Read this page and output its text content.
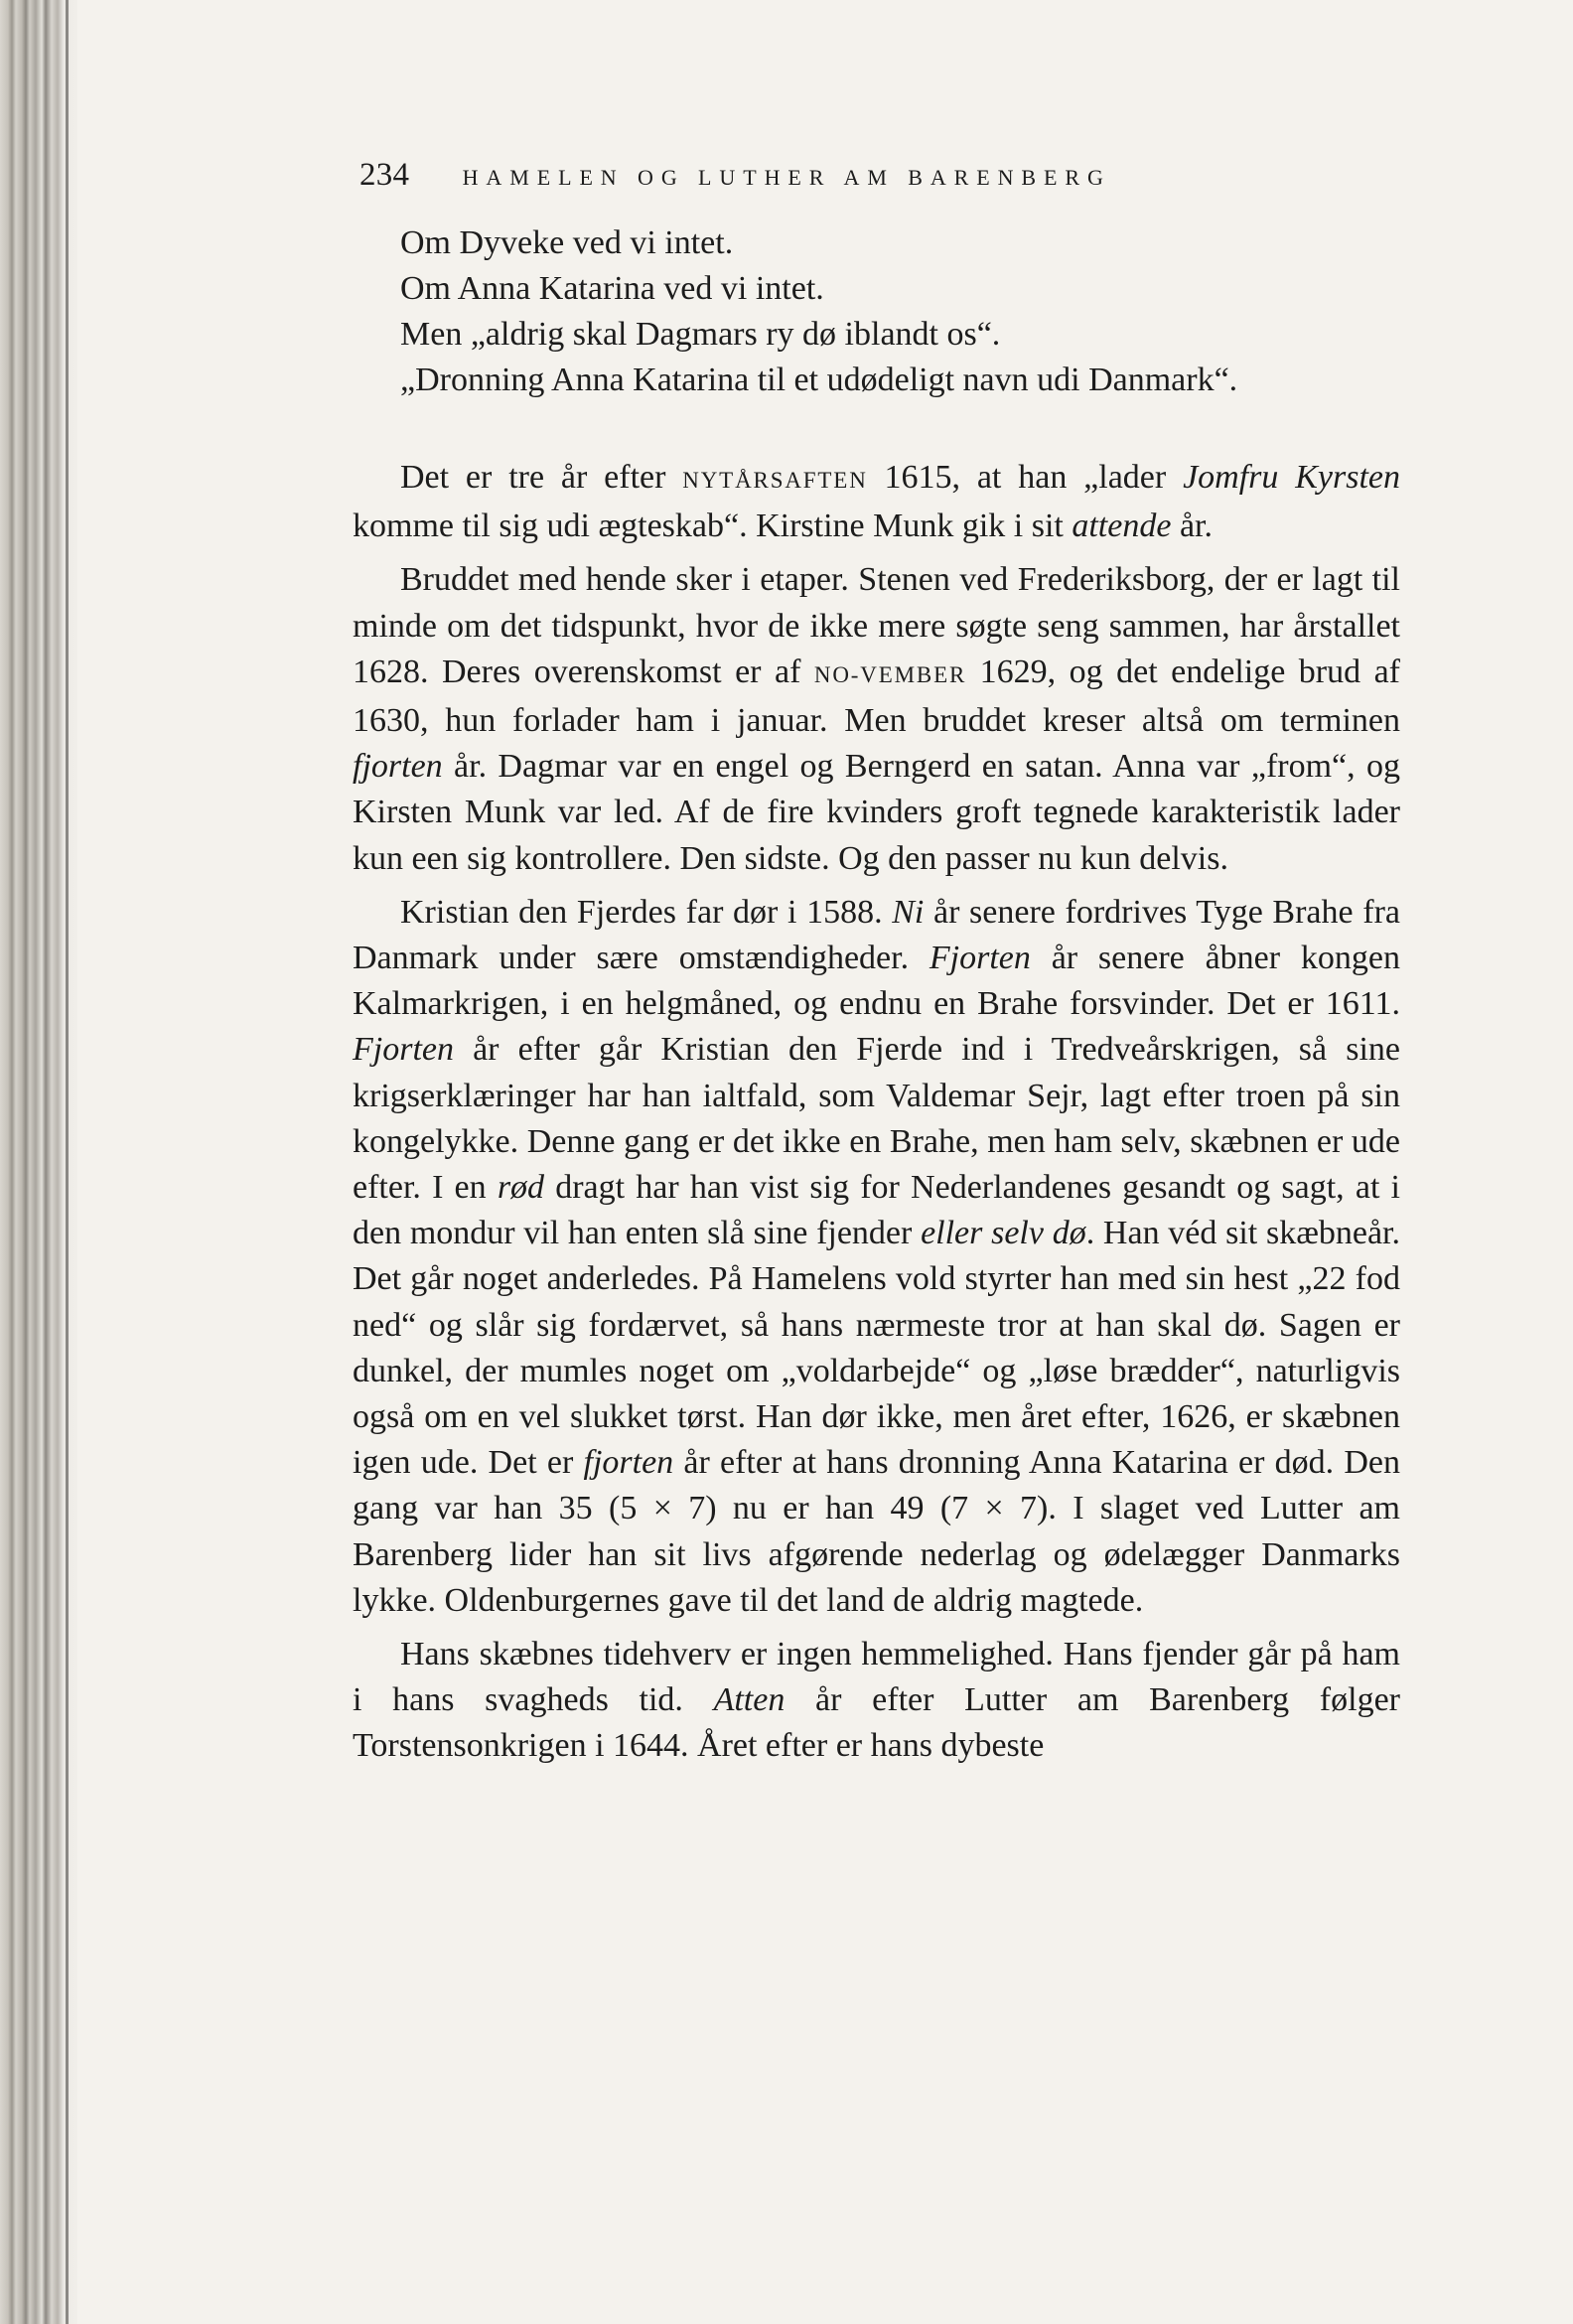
234 HAMELEN OG LUTHER AM BARENBERG
Om Dyveke ved vi intet.
Om Anna Katarina ved vi intet.
Men „aldrig skal Dagmars ry dø iblandt os“.
„Dronning Anna Katarina til et udødeligt navn udi Danmark“.

Det er tre år efter NYTÅRSAFTEN 1615, at han „lader Jomfru Kyrsten komme til sig udi ægteskab“. Kirstine Munk gik i sit attende år.

Bruddet med hende sker i etaper. Stenen ved Frederiksborg, der er lagt til minde om det tidspunkt, hvor de ikke mere søgte seng sammen, har årstallet 1628. Deres overenskomst er af NO-VEMBER 1629, og det endelige brud af 1630, hun forlader ham i januar. Men bruddet kreser altså om terminen fjorten år. Dagmar var en engel og Berngerd en satan. Anna var „from“, og Kirsten Munk var led. Af de fire kvinders groft tegnede karakteristik lader kun een sig kontrollere. Den sidste. Og den passer nu kun delvis.

Kristian den Fjerdes far dør i 1588. Ni år senere fordrives Tyge Brahe fra Danmark under sære omstændigheder. Fjorten år senere åbner kongen Kalmarkrigen, i en helgmåned, og endnu en Brahe forsvinder. Det er 1611. Fjorten år efter går Kristian den Fjerde ind i Tredveårskrigen, så sine krigserklæringer har han ialtfald, som Valdemar Sejr, lagt efter troen på sin kongelykke. Denne gang er det ikke en Brahe, men ham selv, skæbnen er ude efter. I en rød dragt har han vist sig for Nederlandenes gesandt og sagt, at i den mondur vil han enten slå sine fjender eller selv dø. Han véd sit skæbneår. Det går noget anderledes. På Hamelens vold styrter han med sin hest „22 fod ned“ og slår sig fordærvet, så hans nærmeste tror at han skal dø. Sagen er dunkel, der mumles noget om „voldarbejde“ og „løse brædder“, naturligvis også om en vel slukket tørst. Han dør ikke, men året efter, 1626, er skæbnen igen ude. Det er fjorten år efter at hans dronning Anna Katarina er død. Den gang var han 35 (5 × 7) nu er han 49 (7 × 7). I slaget ved Lutter am Barenberg lider han sit livs afgørende nederlag og ødelægger Danmarks lykke. Oldenburgernes gave til det land de aldrig magtede.

Hans skæbnes tidehverv er ingen hemmelighed. Hans fjender går på ham i hans svagheds tid. Atten år efter Lutter am Barenberg følger Torstensonkrigen i 1644. Året efter er hans dybeste
